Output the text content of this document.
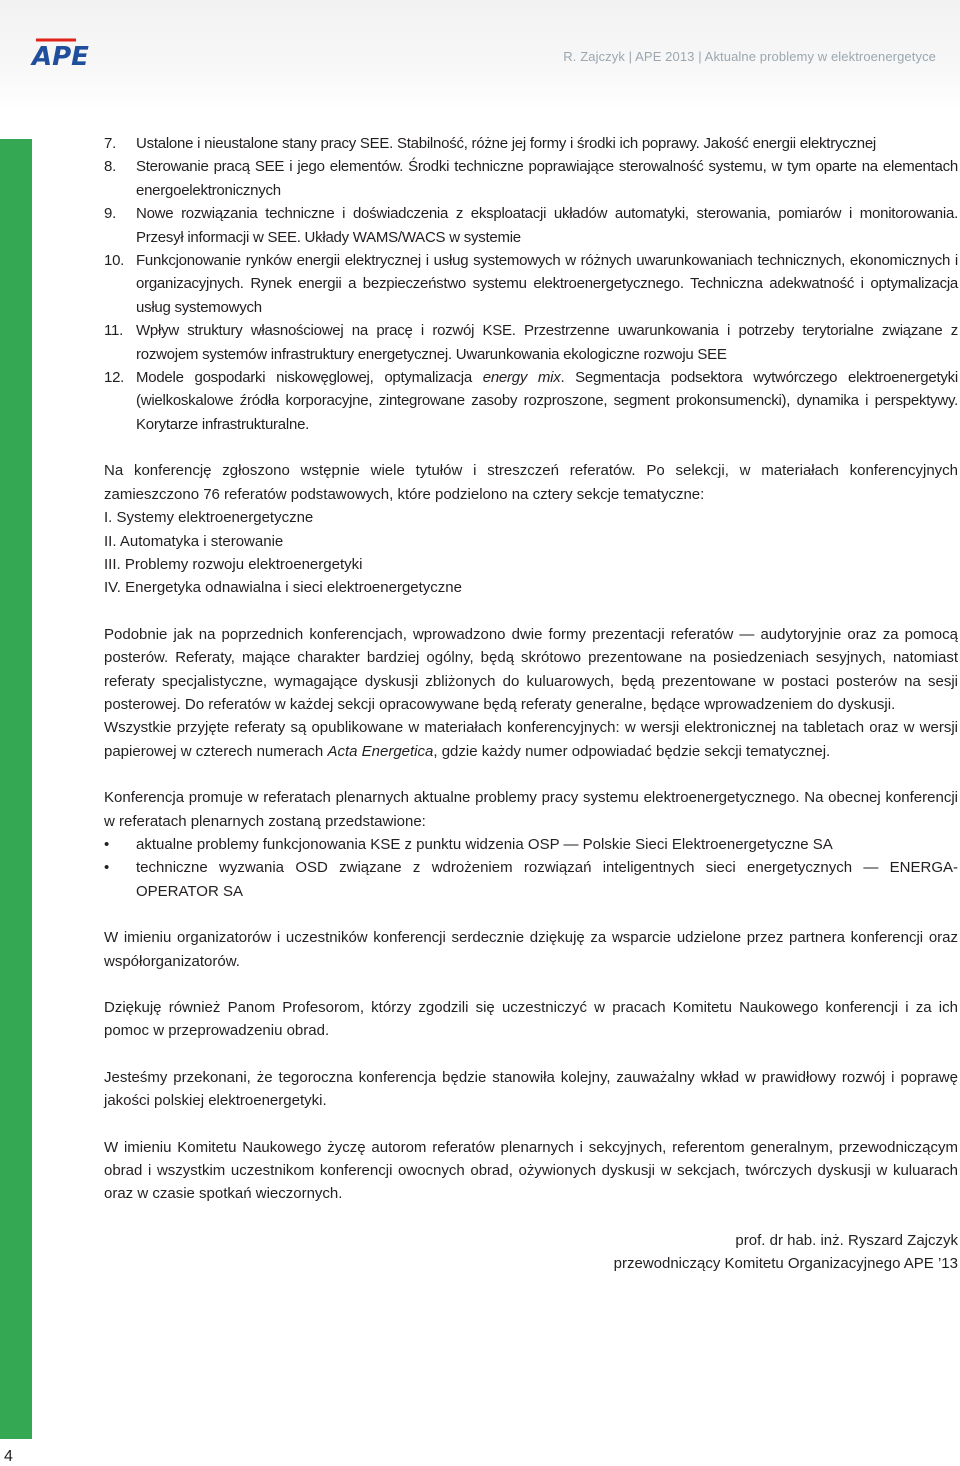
APE	R. Zajczyk | APE 2013 | Aktualne problemy w elektroenergetyce
7. Ustalone i nieustalone stany pracy SEE. Stabilność, różne jej formy i środki ich poprawy. Jakość energii elektrycznej
8. Sterowanie pracą SEE i jego elementów. Środki techniczne poprawiające sterowalność systemu, w tym oparte na elementach energoelektronicznych
9. Nowe rozwiązania techniczne i doświadczenia z eksploatacji układów automatyki, sterowania, pomiarów i monitorowania. Przesył informacji w SEE. Układy WAMS/WACS w systemie
10. Funkcjonowanie rynków energii elektrycznej i usług systemowych w różnych uwarunkowaniach technicznych, ekonomicznych i organizacyjnych. Rynek energii a bezpieczeństwo systemu elektroenergetycznego. Techniczna adekwatność i optymalizacja usług systemowych
11. Wpływ struktury własnościowej na pracę i rozwój KSE. Przestrzenne uwarunkowania i potrzeby terytorialne związane z rozwojem systemów infrastruktury energetycznej. Uwarunkowania ekologiczne rozwoju SEE
12. Modele gospodarki niskowęglowej, optymalizacja energy mix. Segmentacja podsektora wytwórczego elektroenergetyki (wielkoskalowe źródła korporacyjne, zintegrowane zasoby rozproszone, segment prokonsumencki), dynamika i perspektywy. Korytarze infrastrukturalne.

Na konferencję zgłoszono wstępnie wiele tytułów i streszczeń referatów. Po selekcji, w materiałach konferencyjnych zamieszczono 76 referatów podstawowych, które podzielono na cztery sekcje tematyczne:

I. Systemy elektroenergetyczne
II. Automatyka i sterowanie
III. Problemy rozwoju elektroenergetyki
IV. Energetyka odnawialna i sieci elektroenergetyczne

Podobnie jak na poprzednich konferencjach, wprowadzono dwie formy prezentacji referatów — audytoryjnie oraz za pomocą posterów. Referaty, mające charakter bardziej ogólny, będą skrótowo prezentowane na posiedzeniach sesyjnych, natomiast referaty specjalistyczne, wymagające dyskusji zbliżonych do kuluarowych, będą prezentowane w postaci posterów na sesji posterowej. Do referatów w każdej sekcji opracowywane będą referaty generalne, będące wprowadzeniem do dyskusji.

Wszystkie przyjęte referaty są opublikowane w materiałach konferencyjnych: w wersji elektronicznej na tabletach oraz w wersji papierowej w czterech numerach Acta Energetica, gdzie każdy numer odpowiadać będzie sekcji tematycznej.

Konferencja promuje w referatach plenarnych aktualne problemy pracy systemu elektroenergetycznego. Na obecnej konferencji w referatach plenarnych zostaną przedstawione:

• aktualne problemy funkcjonowania KSE z punktu widzenia OSP — Polskie Sieci Elektroenergetyczne SA
• techniczne wyzwania OSD związane z wdrożeniem rozwiązań inteligentnych sieci energetycznych — ENERGA-OPERATOR SA

W imieniu organizatorów i uczestników konferencji serdecznie dziękuję za wsparcie udzielone przez partnera konferencji oraz współorganizatorów.

Dziękuję również Panom Profesorom, którzy zgodzili się uczestniczyć w pracach Komitetu Naukowego konferencji i za ich pomoc w przeprowadzeniu obrad.

Jesteśmy przekonani, że tegoroczna konferencja będzie stanowiła kolejny, zauważalny wkład w prawidłowy rozwój i poprawę jakości polskiej elektroenergetyki.

W imieniu Komitetu Naukowego życzę autorom referatów plenarnych i sekcyjnych, referentom generalnym, przewodniczącym obrad i wszystkim uczestnikom konferencji owocnych obrad, ożywionych dyskusji w sekcjach, twórczych dyskusji w kuluarach oraz w czasie spotkań wieczornych.

prof. dr hab. inż. Ryszard Zajczyk
przewodniczący Komitetu Organizacyjnego APE ’13
4
